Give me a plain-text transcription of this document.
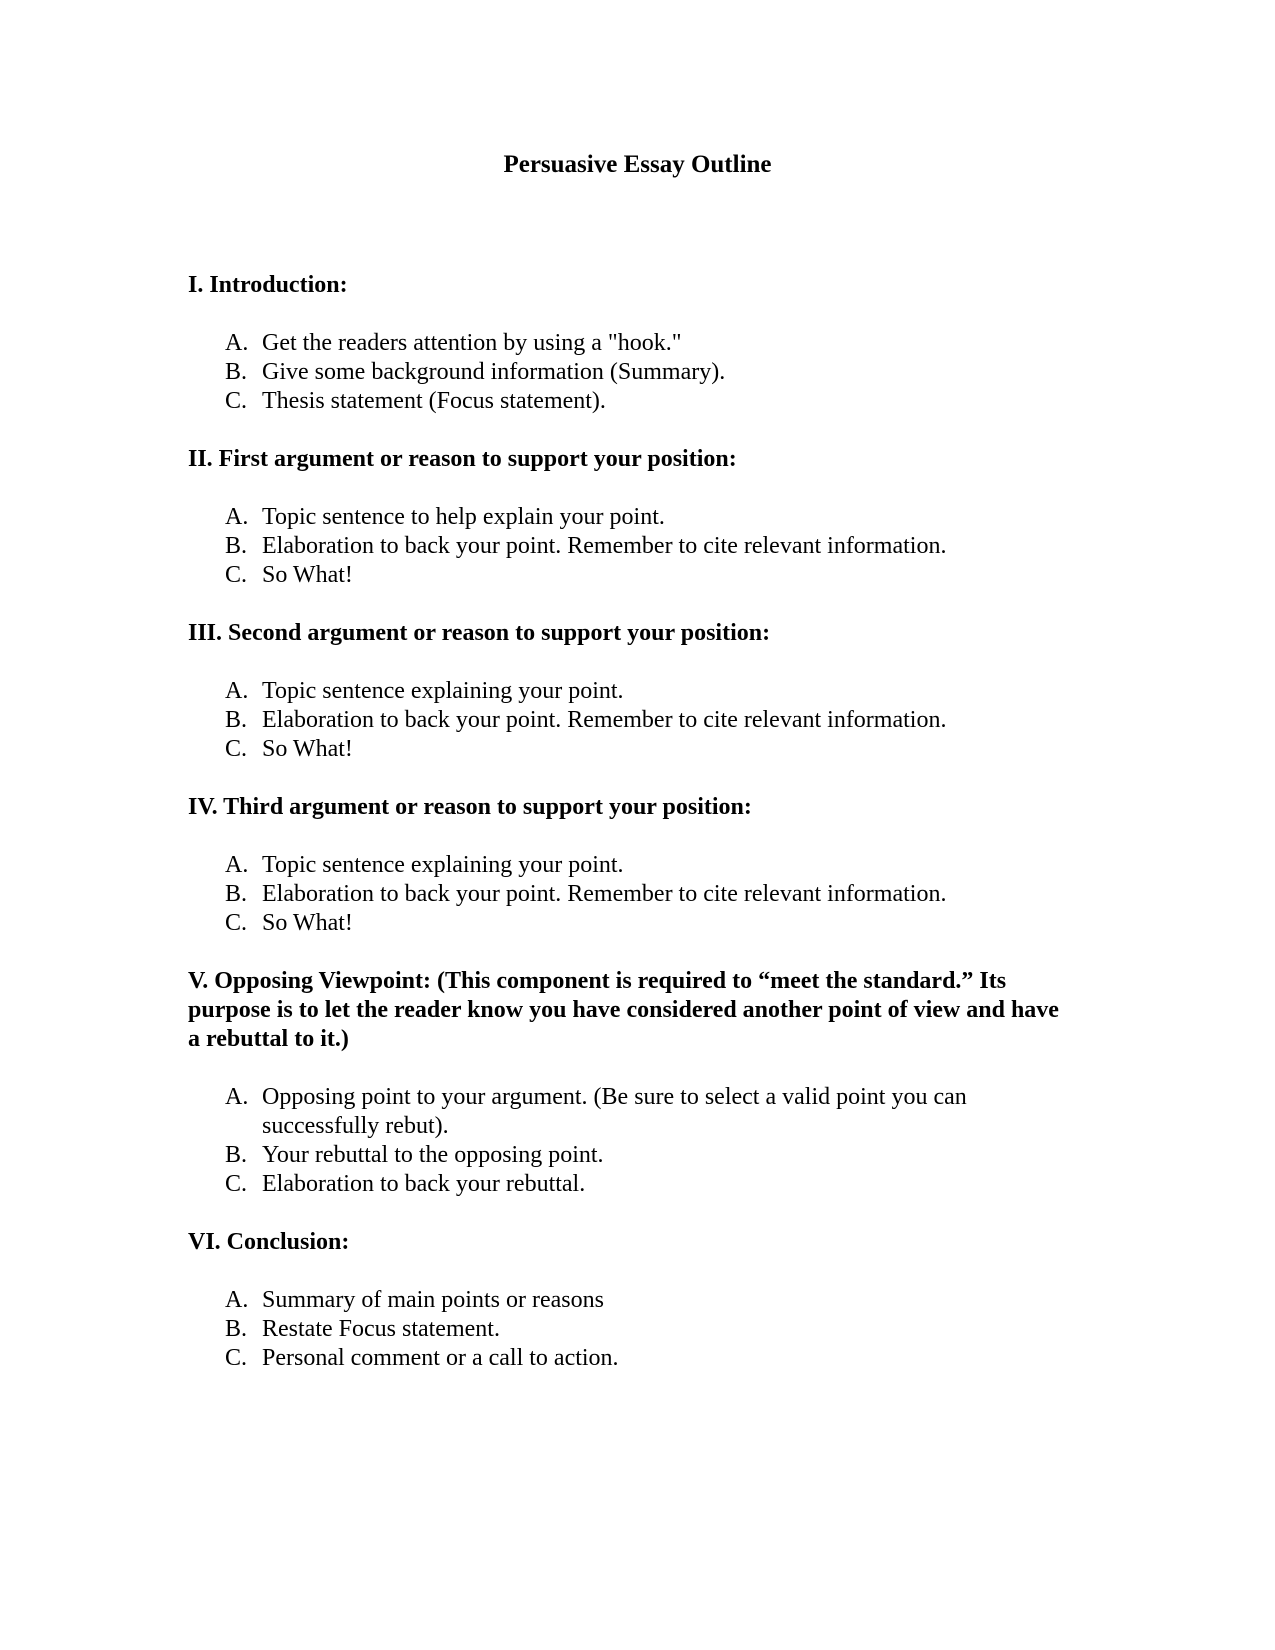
Persuasive Essay Outline
I. Introduction:
A. Get the readers attention by using a "hook."
B. Give some background information (Summary).
C. Thesis statement (Focus statement).
II. First argument or reason to support your position:
A. Topic sentence to help explain your point.
B. Elaboration to back your point. Remember to cite relevant information.
C. So What!
III. Second argument or reason to support your position:
A. Topic sentence explaining your point.
B. Elaboration to back your point. Remember to cite relevant information.
C. So What!
IV. Third argument or reason to support your position:
A. Topic sentence explaining your point.
B. Elaboration to back your point. Remember to cite relevant information.
C. So What!
V. Opposing Viewpoint: (This component is required to “meet the standard.” Its purpose is to let the reader know you have considered another point of view and have a rebuttal to it.)
A. Opposing point to your argument. (Be sure to select a valid point you can successfully rebut).
B. Your rebuttal to the opposing point.
C. Elaboration to back your rebuttal.
VI. Conclusion:
A. Summary of main points or reasons
B. Restate Focus statement.
C. Personal comment or a call to action.
